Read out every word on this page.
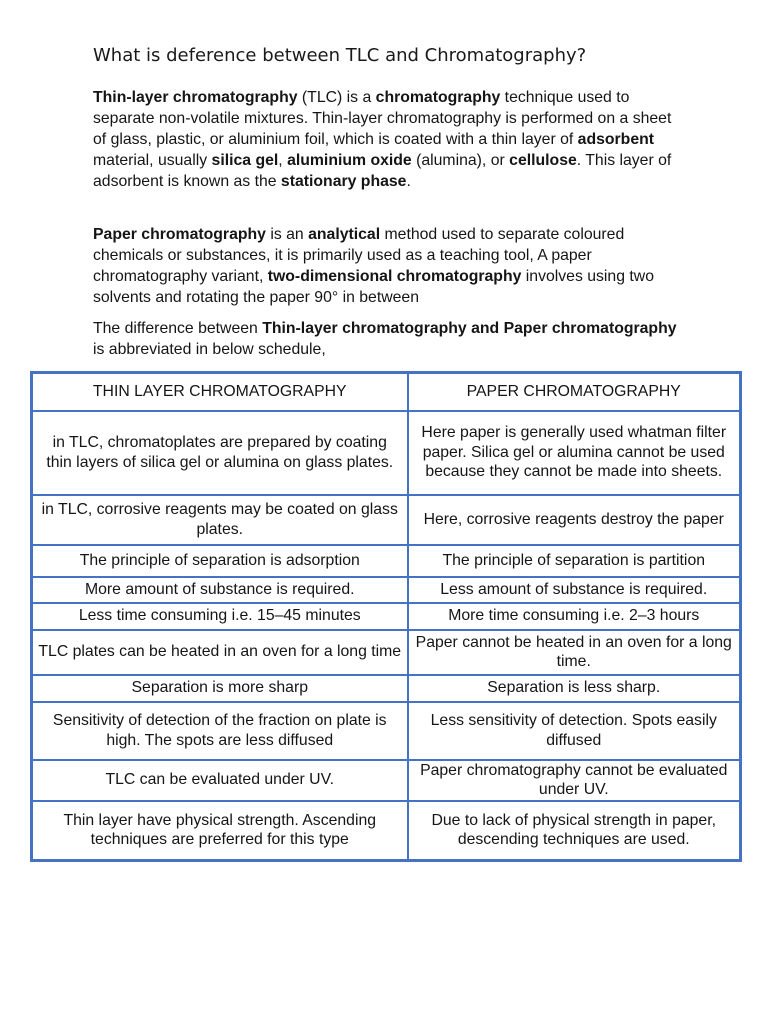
What is deference between TLC and Chromatography?

Thin-layer chromatography (TLC) is a chromatography technique used to separate non-volatile mixtures. Thin-layer chromatography is performed on a sheet of glass, plastic, or aluminium foil, which is coated with a thin layer of adsorbent material, usually silica gel, aluminium oxide (alumina), or cellulose. This layer of adsorbent is known as the stationary phase.

Paper chromatography is an analytical method used to separate coloured chemicals or substances, it is primarily used as a teaching tool, A paper chromatography variant, two-dimensional chromatography involves using two solvents and rotating the paper 90° in between

The difference between Thin-layer chromatography and Paper chromatography is abbreviated in below schedule,

THIN LAYER CHROMATOGRAPHY	PAPER CHROMATOGRAPHY
in TLC, chromatoplates are prepared by coating thin layers of silica gel or alumina on glass plates.	Here paper is generally used whatman filter paper. Silica gel or alumina cannot be used because they cannot be made into sheets.
in TLC, corrosive reagents may be coated on glass plates.	Here, corrosive reagents destroy the paper
The principle of separation is adsorption	The principle of separation is partition
More amount of substance is required.	Less amount of substance is required.
Less time consuming i.e. 15–45 minutes	More time consuming i.e. 2–3 hours
TLC plates can be heated in an oven for a long time	Paper cannot be heated in an oven for a long time.
Separation is more sharp	Separation is less sharp.
Sensitivity of detection of the fraction on plate is high. The spots are less diffused	Less sensitivity of detection. Spots easily diffused
TLC can be evaluated under UV.	Paper chromatography cannot be evaluated under UV.
Thin layer have physical strength. Ascending techniques are preferred for this type	Due to lack of physical strength in paper, descending techniques are used.
